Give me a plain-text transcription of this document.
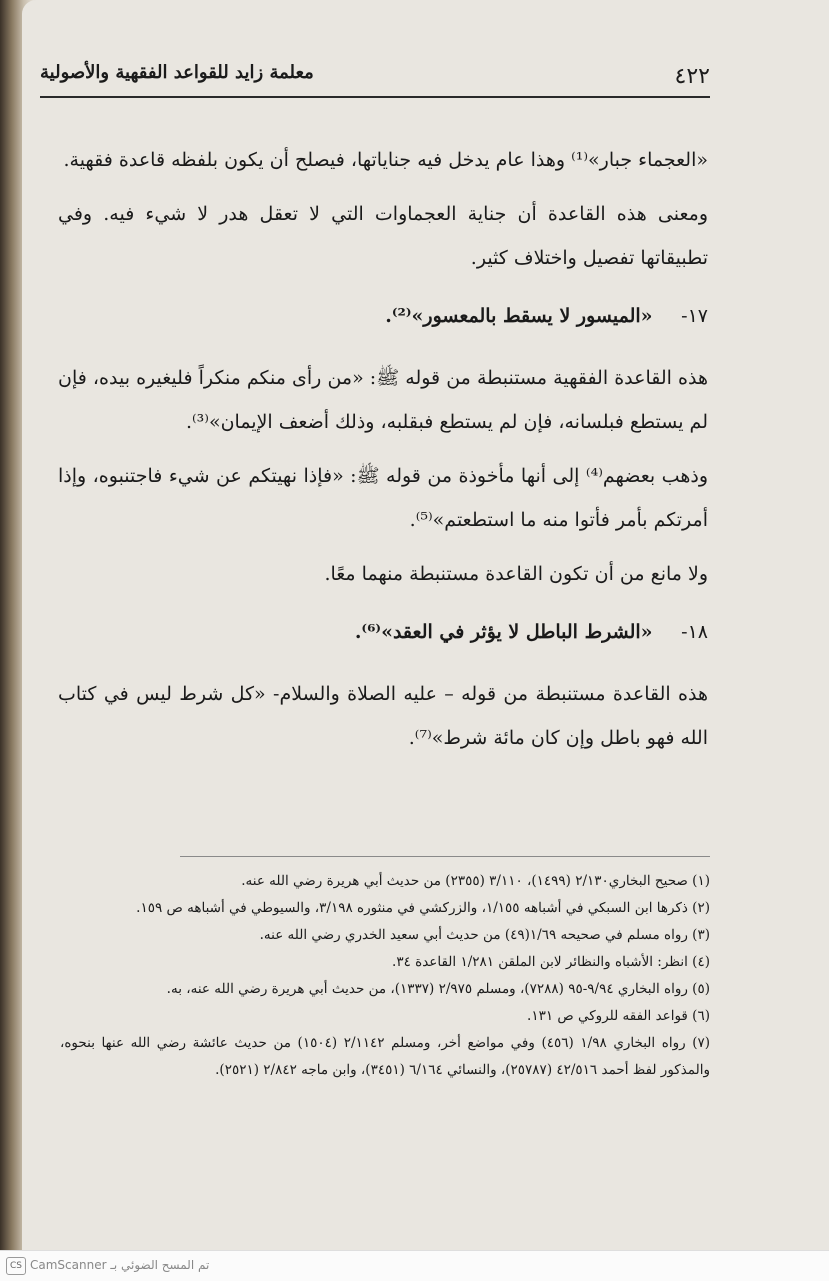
٤٢٢
معلمة زايد للقواعد الفقهية والأصولية

«العجماء جبار»⁽¹⁾ وهذا عام يدخل فيه جناياتها، فيصلح أن يكون بلفظه قاعدة فقهية.

ومعنى هذه القاعدة أن جناية العجماوات التي لا تعقل هدر لا شيء فيه. وفي تطبيقاتها تفصيل واختلاف كثير.

١٧- «الميسور لا يسقط بالمعسور»⁽²⁾.

هذه القاعدة الفقهية مستنبطة من قوله ﷺ: «من رأى منكم منكراً فليغيره بيده، فإن لم يستطع فبلسانه، فإن لم يستطع فبقلبه، وذلك أضعف الإيمان»⁽³⁾.

وذهب بعضهم⁽⁴⁾ إلى أنها مأخوذة من قوله ﷺ: «فإذا نهيتكم عن شيء فاجتنبوه، وإذا أمرتكم بأمر فأتوا منه ما استطعتم»⁽⁵⁾.

ولا مانع من أن تكون القاعدة مستنبطة منهما معًا.

١٨- «الشرط الباطل لا يؤثر في العقد»⁽⁶⁾.

هذه القاعدة مستنبطة من قوله – عليه الصلاة والسلام- «كل شرط ليس في كتاب الله فهو باطل وإن كان مائة شرط»⁽⁷⁾.

(١) صحيح البخاري٢/١٣٠ (١٤٩٩)، ٣/١١٠ (٢٣٥٥) من حديث أبي هريرة رضي الله عنه.

(٢) ذكرها ابن السبكي في أشباهه ١/١٥٥، والزركشي في منثوره ٣/١٩٨، والسيوطي في أشباهه ص ١٥٩.

(٣) رواه مسلم في صحيحه ١/٦٩(٤٩) من حديث أبي سعيد الخدري رضي الله عنه.

(٤) انظر: الأشباه والنظائر لابن الملقن ١/٢٨١ القاعدة ٣٤.

(٥) رواه البخاري ٩/٩٤-٩٥ (٧٢٨٨)، ومسلم ٢/٩٧٥ (١٣٣٧)، من حديث أبي هريرة رضي الله عنه، به.

(٦) قواعد الفقه للروكي ص ١٣١.

(٧) رواه البخاري ١/٩٨ (٤٥٦) وفي مواضع أخر، ومسلم ٢/١١٤٢ (١٥٠٤) من حديث عائشة رضي الله عنها بنحوه، والمذكور لفظ أحمد ٤٢/٥١٦ (٢٥٧٨٧)، والنسائي ٦/١٦٤ (٣٤٥١)، وابن ماجه ٢/٨٤٢ (٢٥٢١).

CS تم المسح الضوئي بـ CamScanner
